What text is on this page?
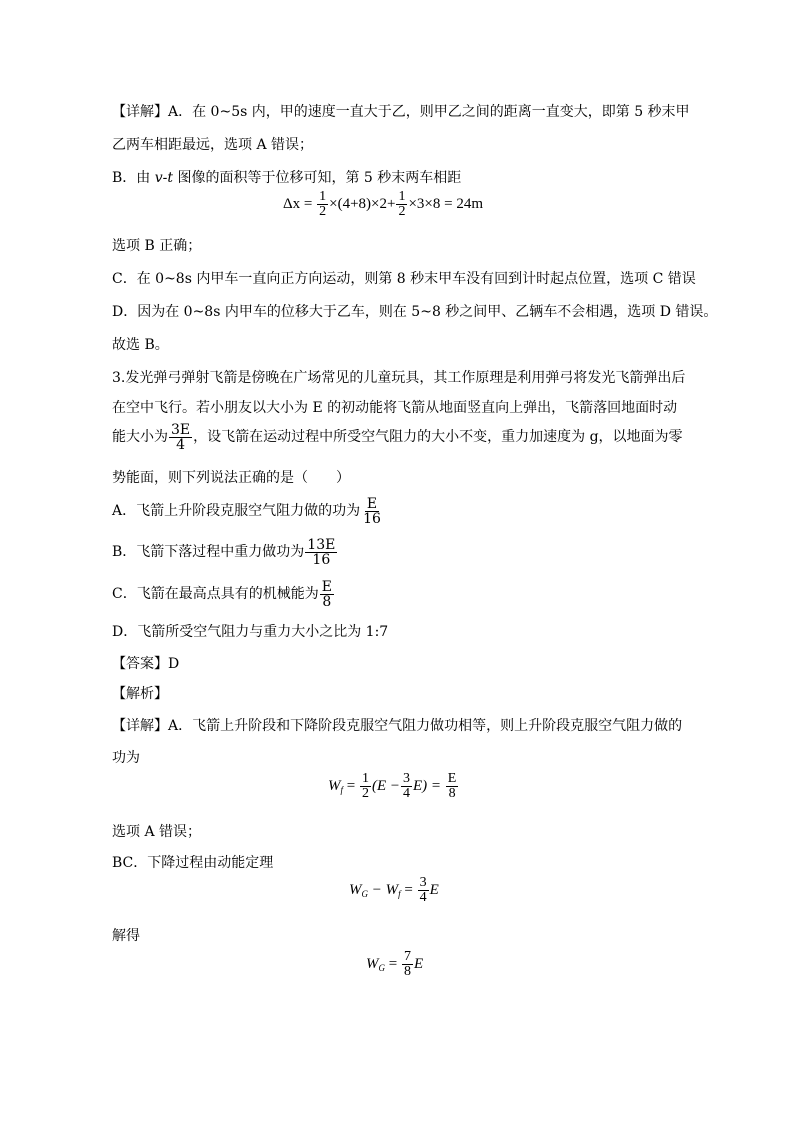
【详解】A．在 0~5s 内，甲的速度一直大于乙，则甲乙之间的距离一直变大，即第 5 秒末甲
乙两车相距最远，选项 A 错误；
B．由 v-t 图像的面积等于位移可知，第 5 秒末两车相距
$\Delta x = \frac{1}{2} \times(4+8)\times 2+ \frac{1}{2} \times 3\times 8 = 24m$
选项 B 正确；
C．在 0~8s 内甲车一直向正方向运动，则第 8 秒末甲车没有回到计时起点位置，选项 C 错误
D．因为在 0~8s 内甲车的位移大于乙车，则在 5~8 秒之间甲、乙辆车不会相遇，选项 D 错误。
故选 B。
3.发光弹弓弹射飞箭是傍晚在广场常见的儿童玩具，其工作原理是利用弹弓将发光飞箭弹出后
在空中飞行。若小朋友以大小为 E 的初动能将飞箭从地面竖直向上弹出，飞箭落回地面时动
能大小为 $\frac{3E}{4}$ ，设飞箭在运动过程中所受空气阻力的大小不变，重力加速度为 g，以地面为零
势能面，则下列说法正确的是（　　）
A．飞箭上升阶段克服空气阻力做的功为 $\frac{E}{16}$
B．飞箭下落过程中重力做功为 $\frac{13E}{16}$
C．飞箭在最高点具有的机械能为 $\frac{E}{8}$
D．飞箭所受空气阻力与重力大小之比为 1:7
【答案】D
【解析】
【详解】A．飞箭上升阶段和下降阶段克服空气阻力做功相等，则上升阶段克服空气阻力做的
功为
$W_f = \frac{1}{2} (E - \frac{3}{4} E) = \frac{E}{8}$
选项 A 错误；
BC．下降过程由动能定理
$W_G - W_f = \frac{3}{4}$ E
解得
$W_G = \frac{7}{8}$ E
